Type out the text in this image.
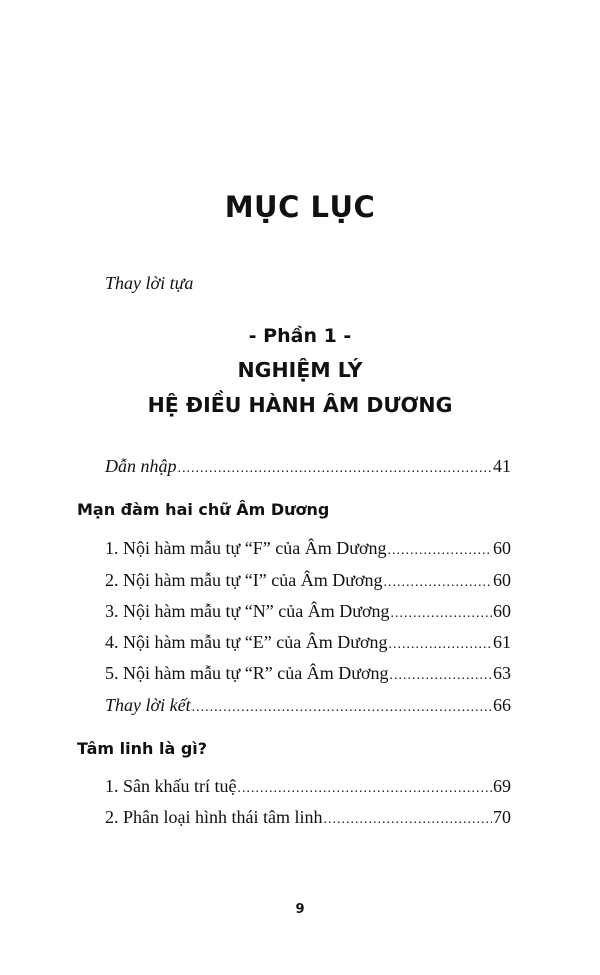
MỤC LỤC
Thay lời tựa
- Phần 1 -
NGHIỆM LÝ
HỆ ĐIỀU HÀNH ÂM DƯƠNG
Dẫn nhập .....	41
Mạn đàm hai chữ Âm Dương
1. Nội hàm mẫu tự “F” của Âm Dương .....	60
2. Nội hàm mẫu tự “I” của Âm Dương .....	60
3. Nội hàm mẫu tự “N” của Âm Dương .....	60
4. Nội hàm mẫu tự “E” của Âm Dương .....	61
5. Nội hàm mẫu tự “R” của Âm Dương .....	63
Thay lời kết .....	66
Tâm linh là gì?
1. Sân khấu trí tuệ .....	69
2. Phân loại hình thái tâm linh .....	70
9
